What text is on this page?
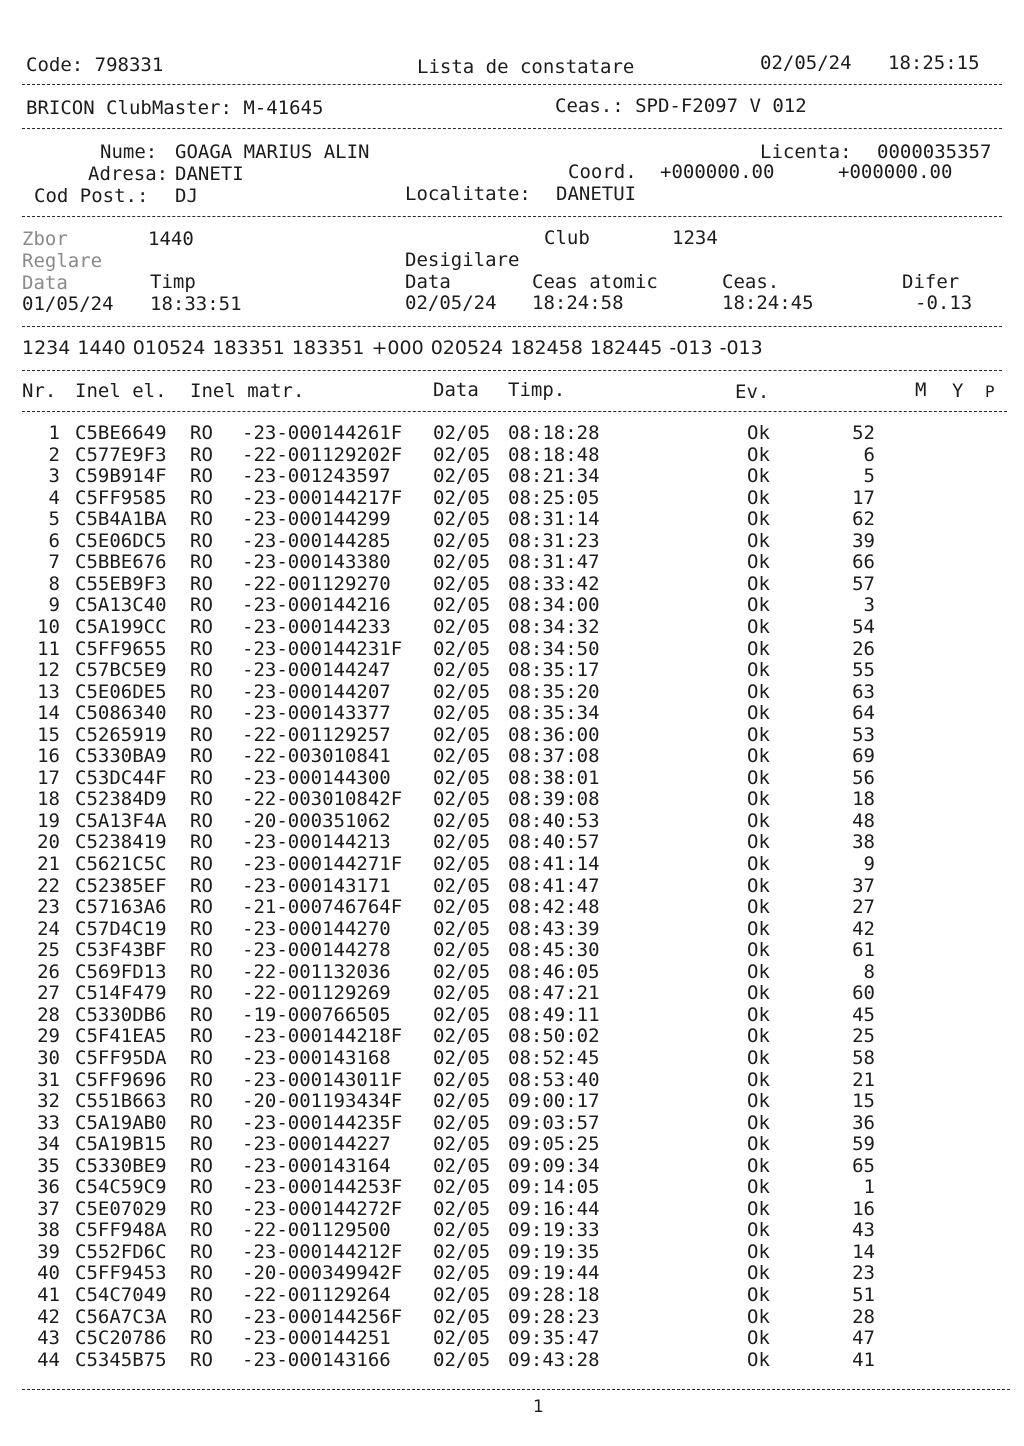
Code: 798331	Lista de constatare	02/05/24 18:25:15
BRICON ClubMaster: M-41645	Ceas.: SPD-F2097 V 012
Nume: GOAGA MARIUS ALIN	Licenta: 0000035357
Adresa: DANETI	Coord. +000000.00	+000000.00
Cod Post.: DJ	Localitate: DANETUI
Zbor	1440	Club	1234
Reglare	Desigilare
Data	Timp	Data	Ceas atomic	Ceas.	Difer
01/05/24 18:33:51	02/05/24 18:24:58	18:24:45	-0.13
1234 1440 010524 183351 183351 +000 020524 182458 182445 -013 -013
Nr. Inel el. Inel matr.	Data Timp.	Ev.	M Y P
1 C5BE6649 RO -23-000144261F 02/05 08:18:28	Ok	52
2 C577E9F3 RO -22-001129202F 02/05 08:18:48	Ok	6
3 C59B914F RO -23-001243597 02/05 08:21:34	Ok	5
4 C5FF9585 RO -23-000144217F 02/05 08:25:05	Ok	17
5 C5B4A1BA RO -23-000144299 02/05 08:31:14	Ok	62
6 C5E06DC5 RO -23-000144285 02/05 08:31:23	Ok	39
7 C5BBE676 RO -23-000143380 02/05 08:31:47	Ok	66
8 C55EB9F3 RO -22-001129270 02/05 08:33:42	Ok	57
9 C5A13C40 RO -23-000144216 02/05 08:34:00	Ok	3
10 C5A199CC RO -23-000144233 02/05 08:34:32	Ok	54
11 C5FF9655 RO -23-000144231F 02/05 08:34:50	Ok	26
12 C57BC5E9 RO -23-000144247 02/05 08:35:17	Ok	55
13 C5E06DE5 RO -23-000144207 02/05 08:35:20	Ok	63
14 C5086340 RO -23-000143377 02/05 08:35:34	Ok	64
15 C5265919 RO -22-001129257 02/05 08:36:00	Ok	53
16 C5330BA9 RO -22-003010841 02/05 08:37:08	Ok	69
17 C53DC44F RO -23-000144300 02/05 08:38:01	Ok	56
18 C52384D9 RO -22-003010842F 02/05 08:39:08	Ok	18
19 C5A13F4A RO -20-000351062 02/05 08:40:53	Ok	48
20 C5238419 RO -23-000144213 02/05 08:40:57	Ok	38
21 C5621C5C RO -23-000144271F 02/05 08:41:14	Ok	9
22 C52385EF RO -23-000143171 02/05 08:41:47	Ok	37
23 C57163A6 RO -21-000746764F 02/05 08:42:48	Ok	27
24 C57D4C19 RO -23-000144270 02/05 08:43:39	Ok	42
25 C53F43BF RO -23-000144278 02/05 08:45:30	Ok	61
26 C569FD13 RO -22-001132036 02/05 08:46:05	Ok	8
27 C514F479 RO -22-001129269 02/05 08:47:21	Ok	60
28 C5330DB6 RO -19-000766505 02/05 08:49:11	Ok	45
29 C5F41EA5 RO -23-000144218F 02/05 08:50:02	Ok	25
30 C5FF95DA RO -23-000143168 02/05 08:52:45	Ok	58
31 C5FF9696 RO -23-000143011F 02/05 08:53:40	Ok	21
32 C551B663 RO -20-001193434F 02/05 09:00:17	Ok	15
33 C5A19AB0 RO -23-000144235F 02/05 09:03:57	Ok	36
34 C5A19B15 RO -23-000144227 02/05 09:05:25	Ok	59
35 C5330BE9 RO -23-000143164 02/05 09:09:34	Ok	65
36 C54C59C9 RO -23-000144253F 02/05 09:14:05	Ok	1
37 C5E07029 RO -23-000144272F 02/05 09:16:44	Ok	16
38 C5FF948A RO -22-001129500 02/05 09:19:33	Ok	43
39 C552FD6C RO -23-000144212F 02/05 09:19:35	Ok	14
40 C5FF9453 RO -20-000349942F 02/05 09:19:44	Ok	23
41 C54C7049 RO -22-001129264 02/05 09:28:18	Ok	51
42 C56A7C3A RO -23-000144256F 02/05 09:28:23	Ok	28
43 C5C20786 RO -23-000144251 02/05 09:35:47	Ok	47
44 C5345B75 RO -23-000143166 02/05 09:43:28	Ok	41
1
